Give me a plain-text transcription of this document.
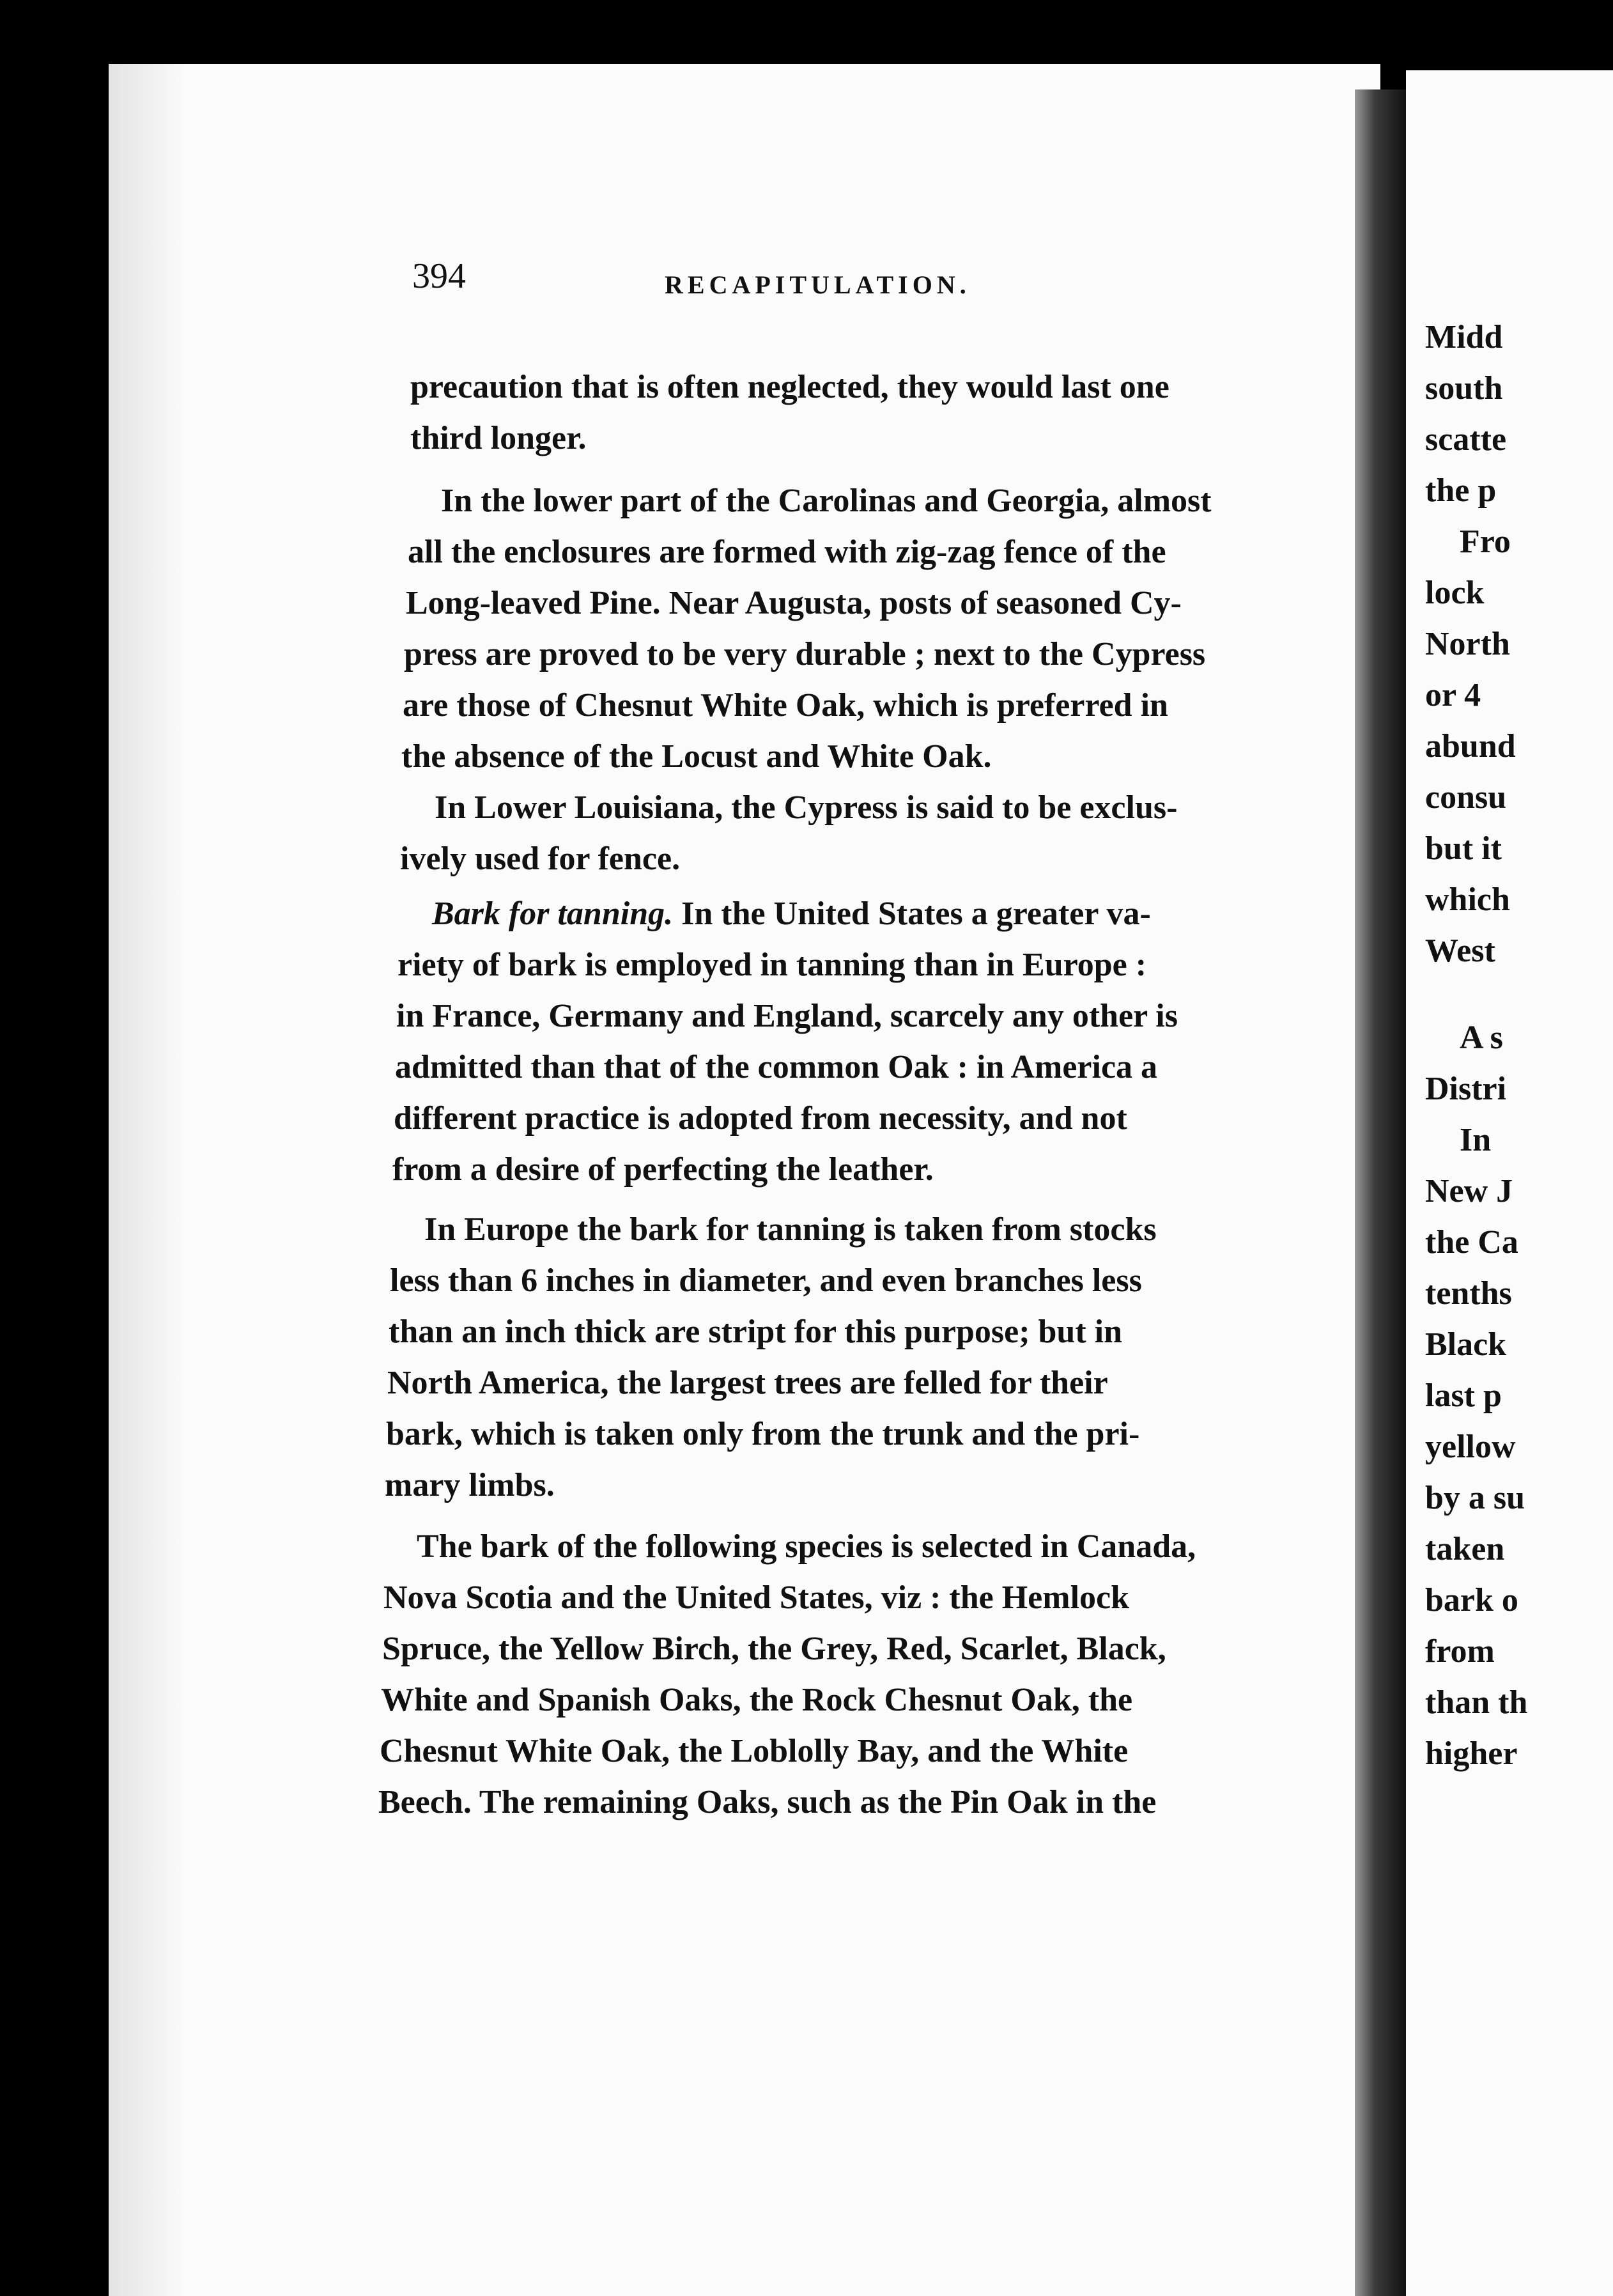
394	RECAPITULATION.
precaution that is often neglected, they would last one
third longer.
In the lower part of the Carolinas and Georgia, almost
all the enclosures are formed with zig-zag fence of the
Long-leaved Pine. Near Augusta, posts of seasoned Cy-
press are proved to be very durable ; next to the Cypress
are those of Chesnut White Oak, which is preferred in
the absence of the Locust and White Oak.
In Lower Louisiana, the Cypress is said to be exclus-
ively used for fence.
Bark for tanning. In the United States a greater va-
riety of bark is employed in tanning than in Europe :
in France, Germany and England, scarcely any other is
admitted than that of the common Oak : in America a
different practice is adopted from necessity, and not
from a desire of perfecting the leather.
In Europe the bark for tanning is taken from stocks
less than 6 inches in diameter, and even branches less
than an inch thick are stript for this purpose; but in
North America, the largest trees are felled for their
bark, which is taken only from the trunk and the pri-
mary limbs.
The bark of the following species is selected in Canada,
Nova Scotia and the United States, viz : the Hemlock
Spruce, the Yellow Birch, the Grey, Red, Scarlet, Black,
White and Spanish Oaks, the Rock Chesnut Oak, the
Chesnut White Oak, the Loblolly Bay, and the White
Beech. The remaining Oaks, such as the Pin Oak in the
Midd
south
scatte
the p
Fro
lock
North
or 4
abund
consu
but it
which
West
A s
Distri
In
New J
the Ca
tenths
Black
last p
yellow
by a su
taken
bark o
from
than th
higher
